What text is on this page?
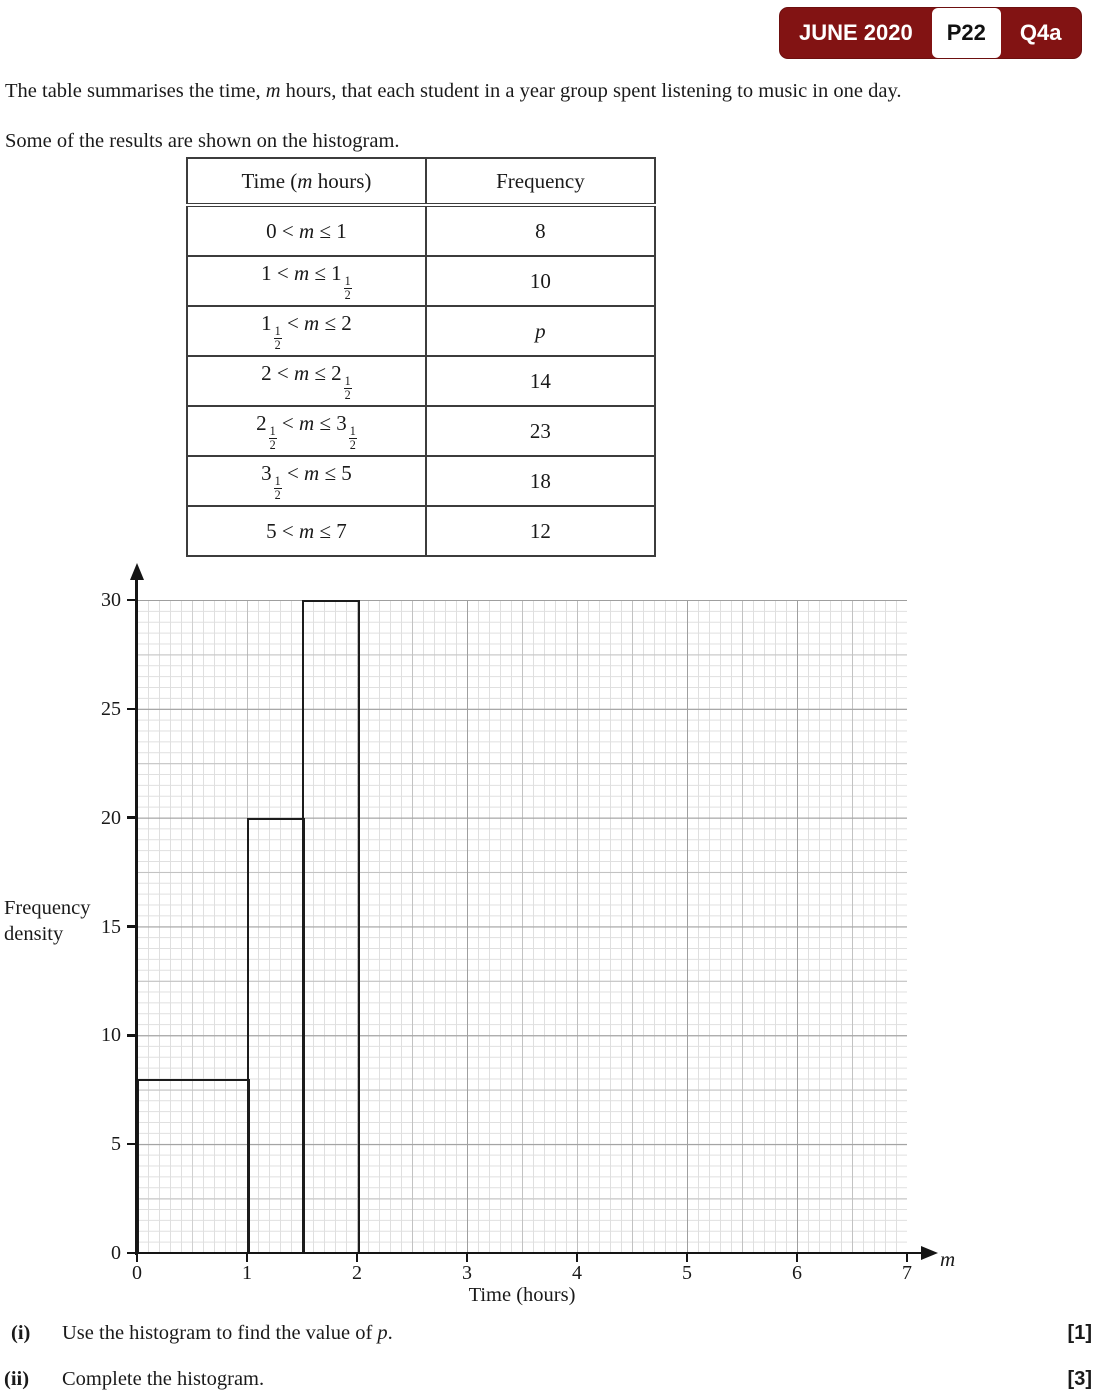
JUNE 2020	P22	Q4a

The table summarises the time, m hours, that each student in a year group spent listening to music in one day.

Some of the results are shown on the histogram.

Time (m hours)	Frequency
0 < m ≤ 1	8
1 < m ≤ 1
$\frac{1}{2}$	10
1
$\frac{1}{2}$
< m ≤ 2	p
2 < m ≤ 2
$\frac{1}{2}$	14
2
$\frac{1}{2}$
< m ≤ 3
$\frac{1}{2}$	23
3
$\frac{1}{2}$
< m ≤ 5	18
5 < m ≤ 7	12
Frequency density
m
Time (hours)
(i) Use the histogram to find the value of p.	[1]
(ii) Complete the histogram.	[3]
0
5
10
15
20
25
30
0	1	2	3	4	5	6	7
